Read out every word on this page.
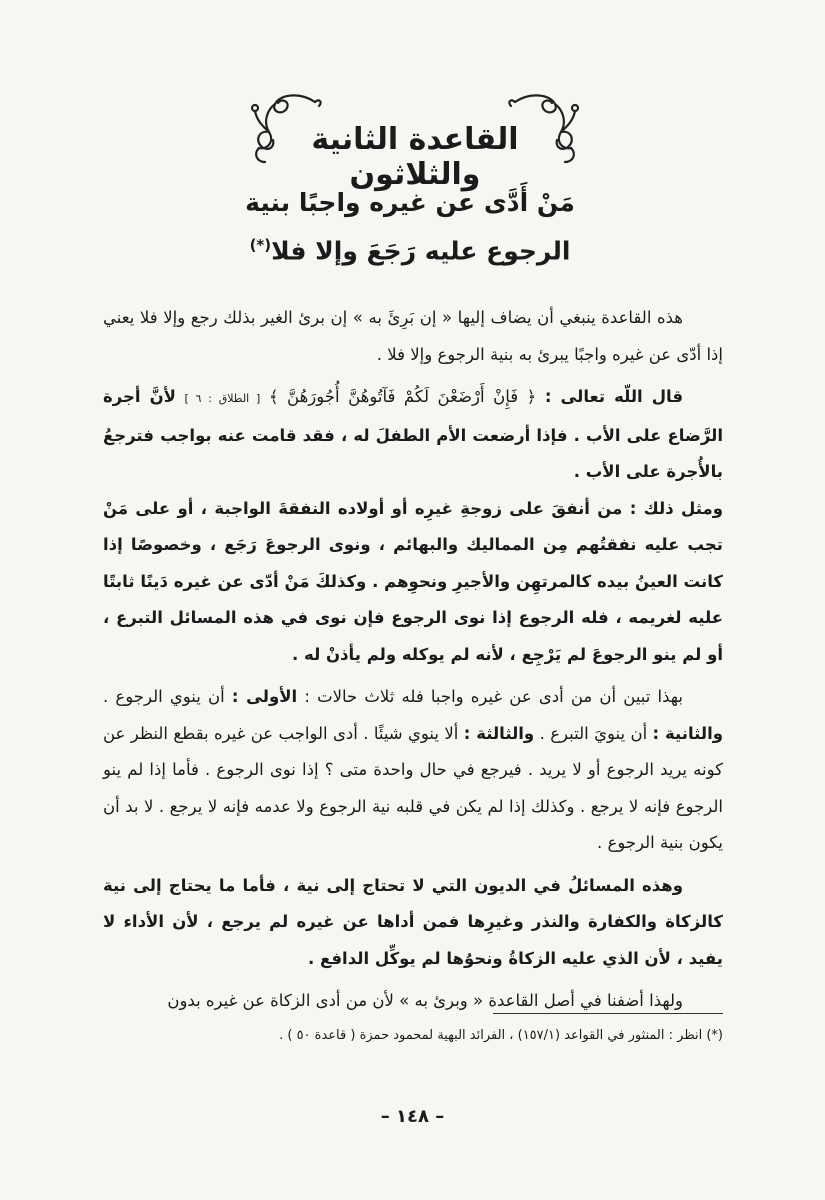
القاعدة الثانية والثلاثون
مَنْ أَدَّى عن غيره واجبًا بنية
الرجوع عليه رَجَعَ وإلا فلا(*)

هذه القاعدة ينبغي أن يضاف إليها « إن بَرِئَ به » إن برئ الغير بذلك رجع وإلا فلا يعني إذا أدّى عن غيره واجبًا يبرئ به بنية الرجوع وإلا فلا .

قال اللّه تعالى : ﴿ فَإِنْ أَرْضَعْنَ لَكُمْ فَآتُوهُنَّ أُجُورَهُنَّ ﴾ [ الطلاق : ٦ ] لأنَّ أجرة الرَّضاع على الأب . فإذا أرضعت الأم الطفلَ له ، فقد قامت عنه بواجب فترجعُ بالأُجرة على الأب .

ومثل ذلك : من أنفقَ على زوجةِ غيرِه أو أولاده النفقةَ الواجبة ، أو على مَنْ تجب عليه نفقتُهم مِن المماليك والبهائم ، ونوى الرجوعَ رَجَع ، وخصوصًا إذا كانت العينُ بيده كالمرتهِن والأجيرِ ونحوِهم . وكذلكَ مَنْ أدّى عن غيره دَينًا ثابتًا عليه لغريمه ، فله الرجوع إذا نوى الرجوع فإن نوى في هذه المسائل التبرع ، أو لم ينو الرجوعَ لم يَرْجِع ، لأنه لم يوكله ولم يأذنْ له .

بهذا تبين أن من أدى عن غيره واجبا فله ثلاث حالات : الأولى : أن ينوي الرجوع . والثانية : أن ينويَ التبرع . والثالثة : ألا ينوي شيئًا . أدى الواجب عن غيره بقطع النظر عن كونه يريد الرجوع أو لا يريد . فيرجع في حال واحدة متى ؟ إذا نوى الرجوع . فأما إذا لم ينو الرجوع فإنه لا يرجع . وكذلك إذا لم يكن في قلبه نية الرجوع ولا عدمه فإنه لا يرجع . لا بد أن يكون بنية الرجوع .

وهذه المسائلُ في الديون التي لا تحتاج إلى نية ، فأما ما يحتاج إلى نية كالزكاة والكفارة والنذر وغيرِها فمن أداها عن غيره لم يرجع ، لأن الأداء لا يفيد ، لأن الذي عليه الزكاةُ ونحوُها لم يوكِّل الدافع .

ولهذا أضفنا في أصل القاعدة « وبرئ به » لأن من أدى الزكاة عن غيره بدون

(*) انظر : المنثور في القواعد (١٥٧/١) ، الفرائد البهية لمحمود حمزة ( قاعدة ٥٠ ) .
– ١٤٨ –
